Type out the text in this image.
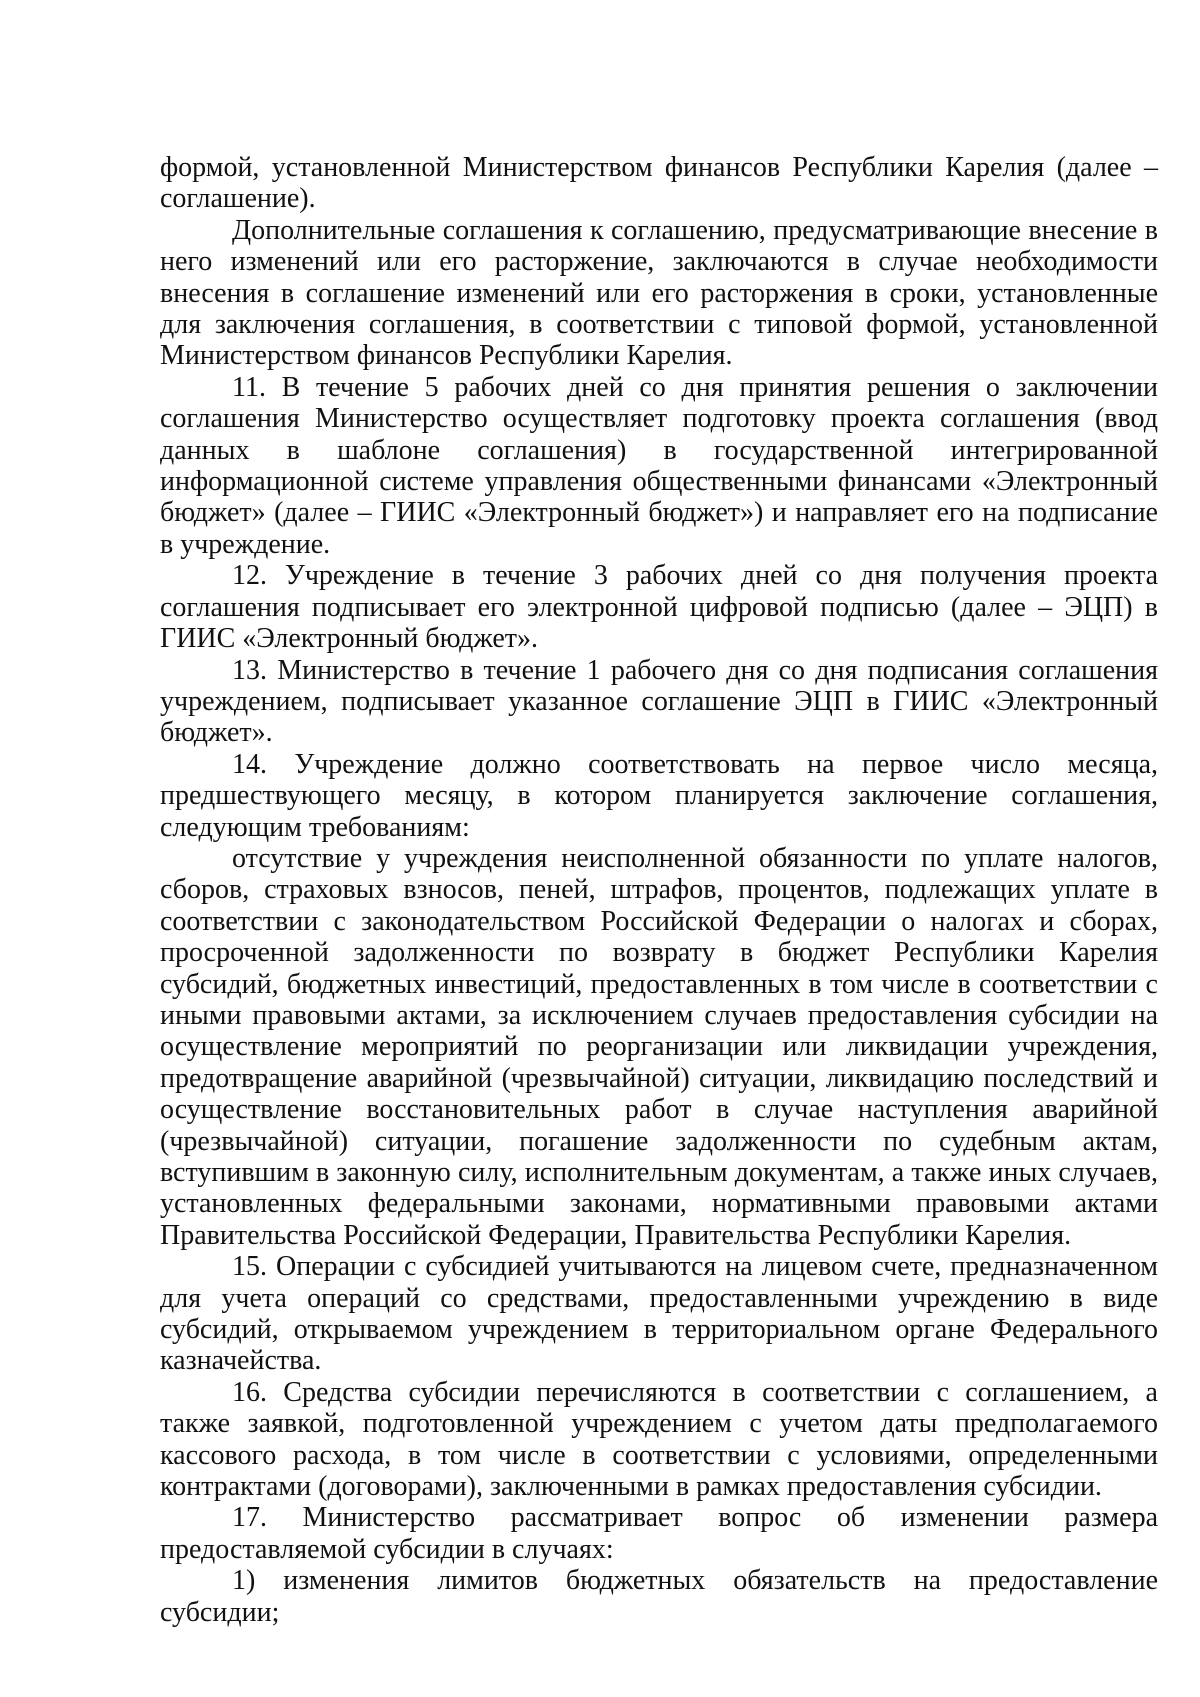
формой, установленной Министерством финансов Республики Карелия (далее – соглашение).

Дополнительные соглашения к соглашению, предусматривающие внесение в него изменений или его расторжение, заключаются в случае необходимости внесения в соглашение изменений или его расторжения в сроки, установленные для заключения соглашения, в соответствии с типовой формой, установленной Министерством финансов Республики Карелия.

11. В течение 5 рабочих дней со дня принятия решения о заключении соглашения Министерство осуществляет подготовку проекта соглашения (ввод данных в шаблоне соглашения) в государственной интегрированной информационной системе управления общественными финансами «Электронный бюджет» (далее – ГИИС «Электронный бюджет») и направляет его на подписание в учреждение.

12. Учреждение в течение 3 рабочих дней со дня получения проекта соглашения подписывает его электронной цифровой подписью (далее – ЭЦП) в ГИИС «Электронный бюджет».

13. Министерство в течение 1 рабочего дня со дня подписания соглашения учреждением, подписывает указанное соглашение ЭЦП в ГИИС «Электронный бюджет».

14. Учреждение должно соответствовать на первое число месяца, предшествующего месяцу, в котором планируется заключение соглашения, следующим требованиям:

отсутствие у учреждения неисполненной обязанности по уплате налогов, сборов, страховых взносов, пеней, штрафов, процентов, подлежащих уплате в соответствии с законодательством Российской Федерации о налогах и сборах, просроченной задолженности по возврату в бюджет Республики Карелия субсидий, бюджетных инвестиций, предоставленных в том числе в соответствии с иными правовыми актами, за исключением случаев предоставления субсидии на осуществление мероприятий по реорганизации или ликвидации учреждения, предотвращение аварийной (чрезвычайной) ситуации, ликвидацию последствий и осуществление восстановительных работ в случае наступления аварийной (чрезвычайной) ситуации, погашение задолженности по судебным актам, вступившим в законную силу, исполнительным документам, а также иных случаев, установленных федеральными законами, нормативными правовыми актами Правительства Российской Федерации, Правительства Республики Карелия.

15. Операции с субсидией учитываются на лицевом счете, предназначенном для учета операций со средствами, предоставленными учреждению в виде субсидий, открываемом учреждением в территориальном органе Федерального казначейства.

16. Средства субсидии перечисляются в соответствии с соглашением, а также заявкой, подготовленной учреждением с учетом даты предполагаемого кассового расхода, в том числе в соответствии с условиями, определенными контрактами (договорами), заключенными в рамках предоставления субсидии.

17. Министерство рассматривает вопрос об изменении размера предоставляемой субсидии в случаях:

1) изменения лимитов бюджетных обязательств на предоставление субсидии;
